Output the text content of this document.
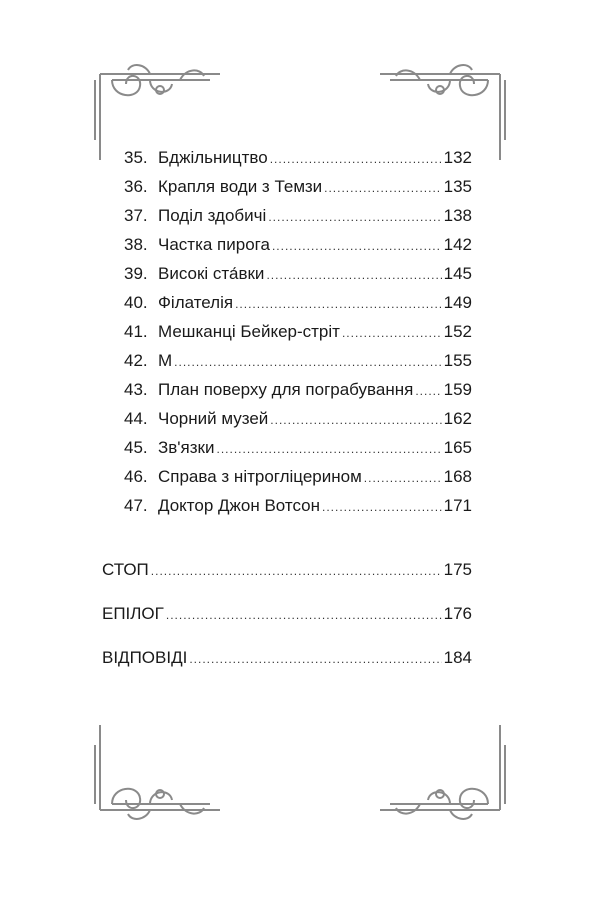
35. Бджільництво .....	132
36. Крапля води з Темзи .....	135
37. Поділ здобичі .....	138
38. Частка пирога .....	142
39. Високі ста́вки .....	145
40. Філателія .....	149
41. Мешканці Бейкер-стріт .....	152
42. М .....	155
43. План поверху для пограбування ..... 159
44. Чорний музей .....	162
45. Зв'язки .....	165
46. Справа з нітрогліцерином .....	168
47. Доктор Джон Вотсон .....	171
СТОП .....	175
ЕПІЛОГ .....	176
ВІДПОВІДІ .....	184
